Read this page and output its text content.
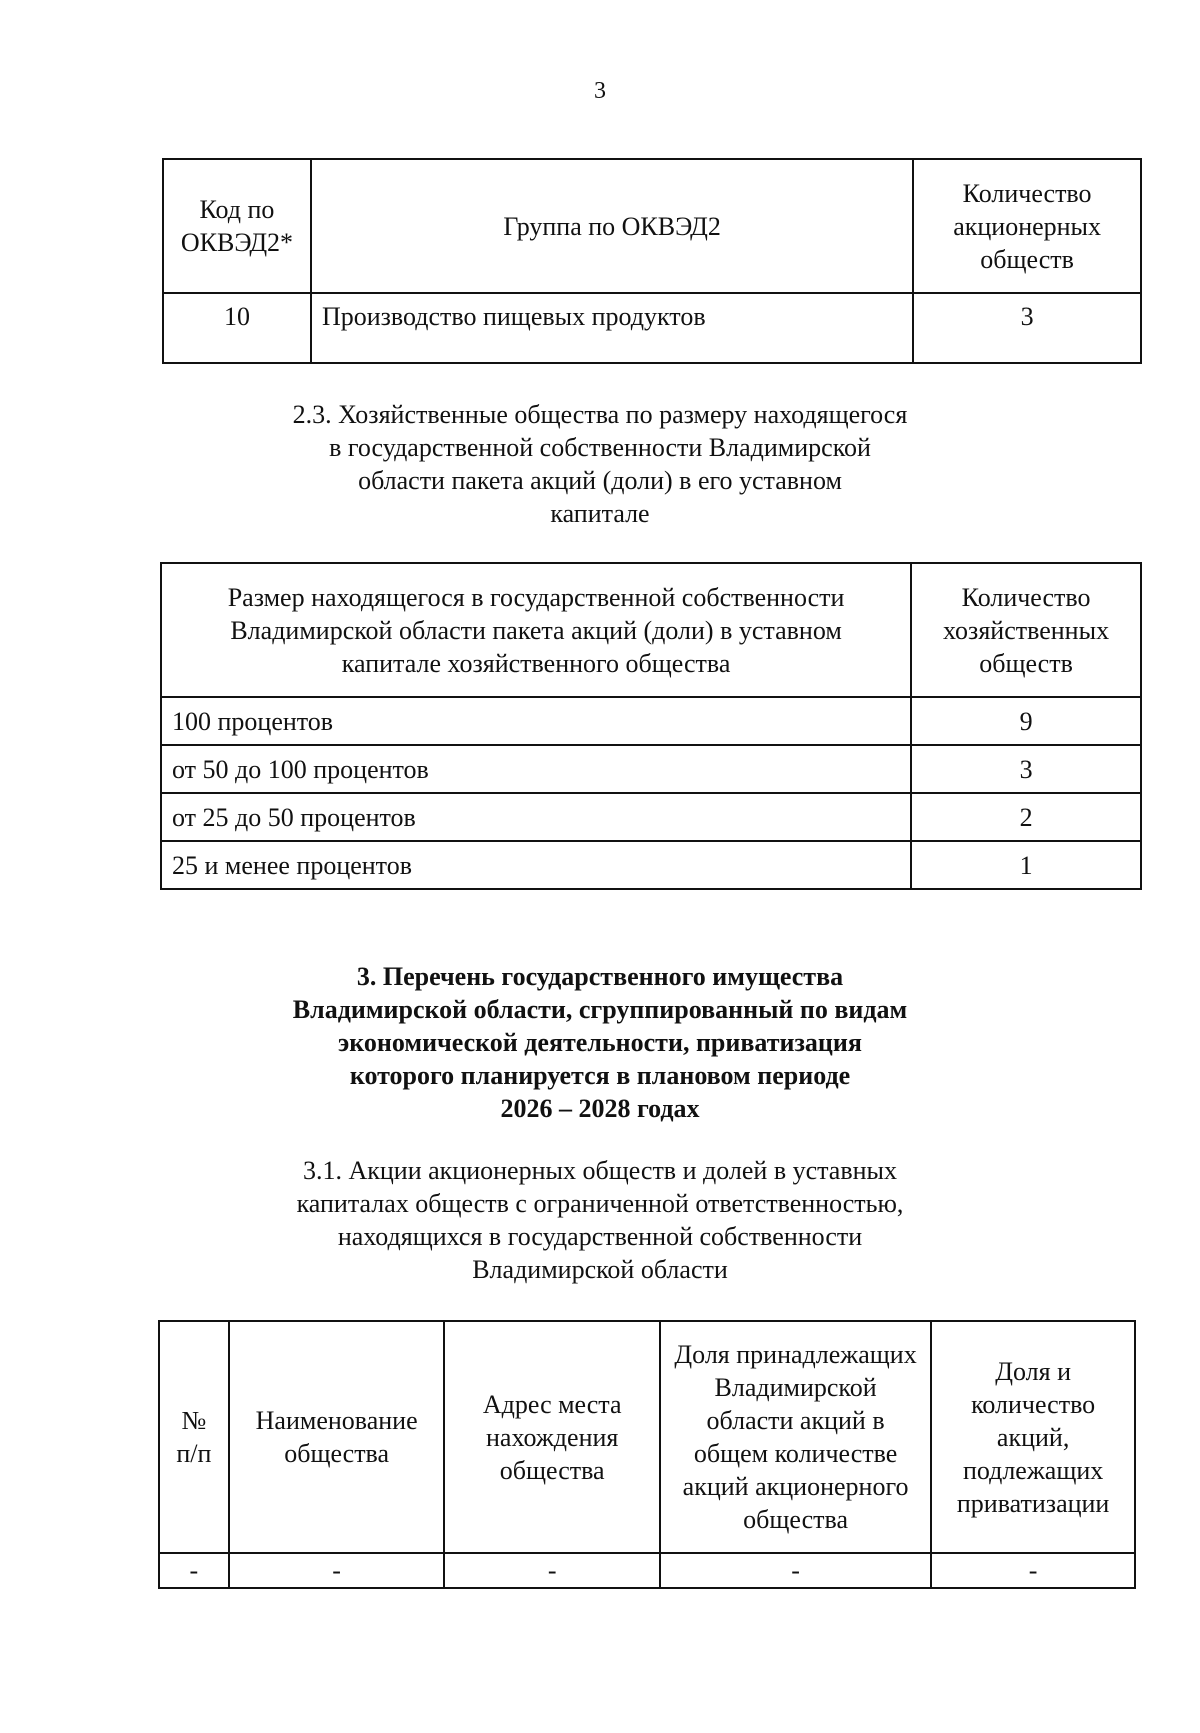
3
Код по ОКВЭД2*	Группа по ОКВЭД2	Количество акционерных обществ
10	Производство пищевых продуктов	3
2.3. Хозяйственные общества по размеру находящегося
в государственной собственности Владимирской
области пакета акций (доли) в его уставном
капитале
Размер находящегося в государственной собственности Владимирской области пакета акций (доли) в уставном капитале хозяйственного общества	Количество хозяйственных обществ
100 процентов	9
от 50 до 100 процентов	3
от 25 до 50 процентов	2
25 и менее процентов	1
3. Перечень государственного имущества
Владимирской области, сгруппированный по видам
экономической деятельности, приватизация
которого планируется в плановом периоде
2026 – 2028 годах
3.1. Акции акционерных обществ и долей в уставных
капиталах обществ с ограниченной ответственностью,
находящихся в государственной собственности
Владимирской области
№ п/п	Наименование общества	Адрес места нахождения общества	Доля принадлежащих Владимирской области акций в общем количестве акций акционерного общества	Доля и количество акций, подлежащих приватизации
-	-	-	-	-
